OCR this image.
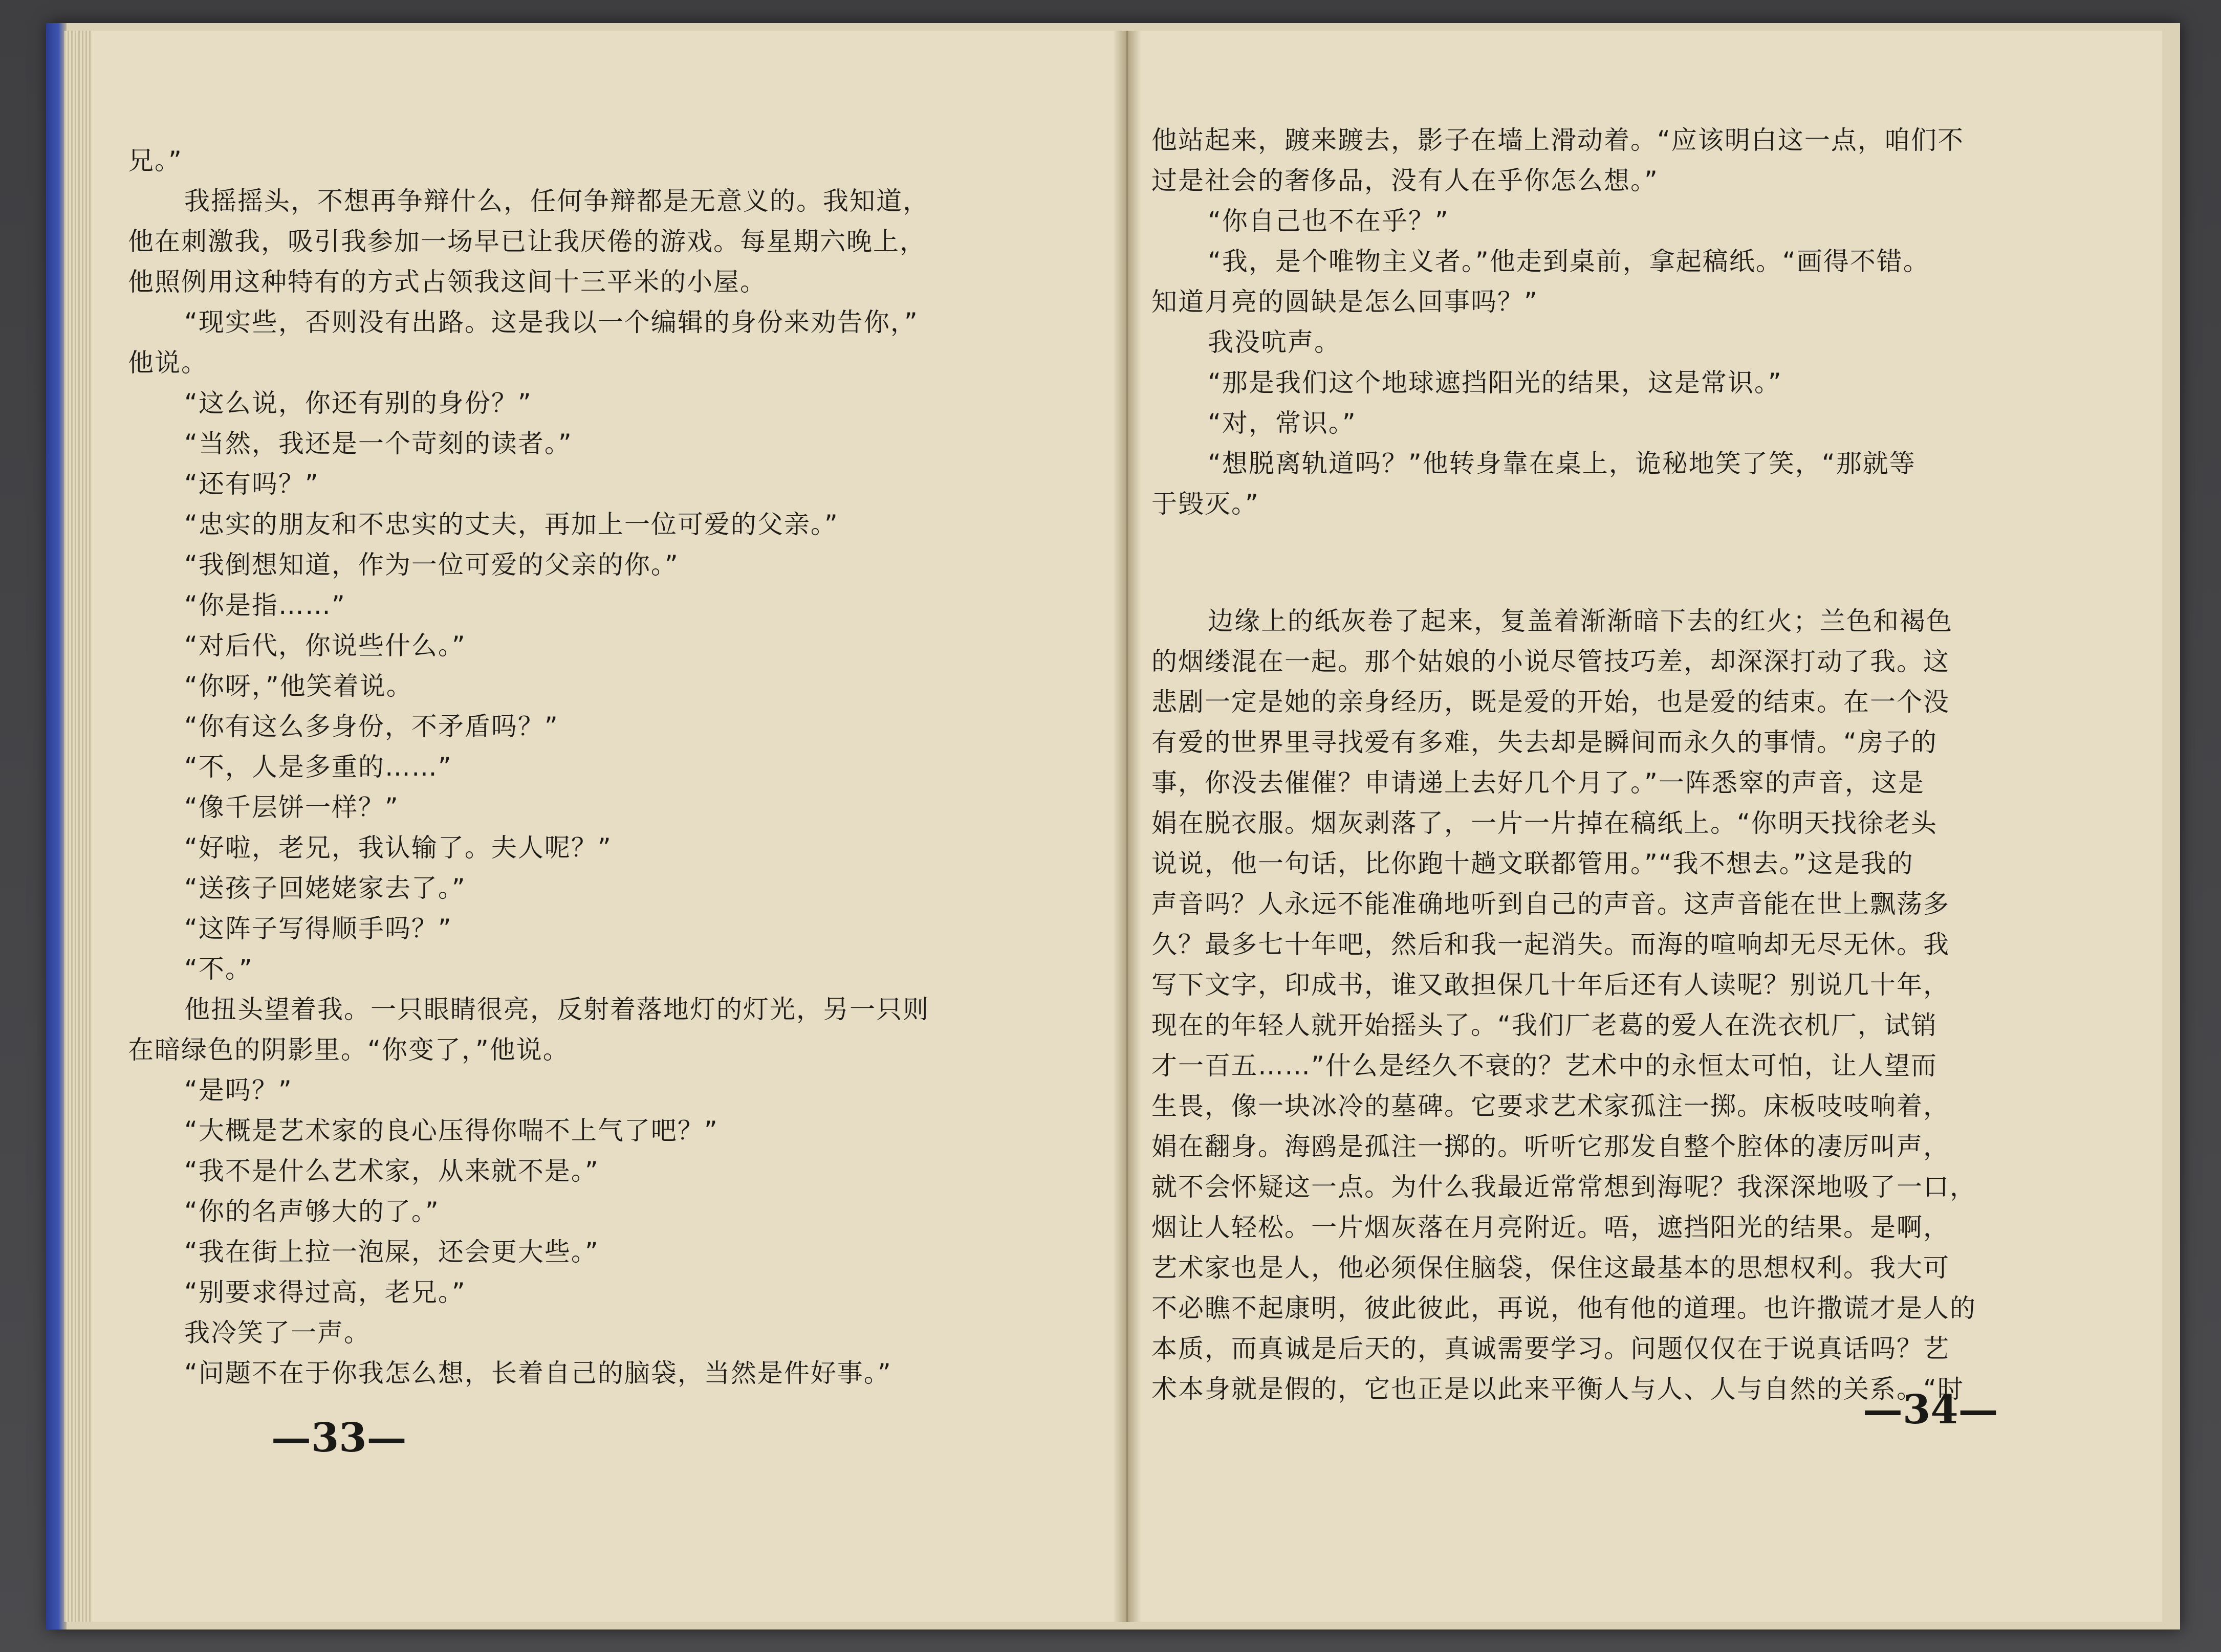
兄。”
我摇摇头，不想再争辩什么，任何争辩都是无意义的。我知道，
他在刺激我，吸引我参加一场早已让我厌倦的游戏。每星期六晚上，
他照例用这种特有的方式占领我这间十三平米的小屋。
“现实些，否则没有出路。这是我以一个编辑的身份来劝告你，”
他说。
“这么说，你还有别的身份？”
“当然，我还是一个苛刻的读者。”
“还有吗？”
“忠实的朋友和不忠实的丈夫，再加上一位可爱的父亲。”
“我倒想知道，作为一位可爱的父亲的你。”
“你是指……”
“对后代，你说些什么。”
“你呀，”他笑着说。
“你有这么多身份，不矛盾吗？”
“不，人是多重的……”
“像千层饼一样？”
“好啦，老兄，我认输了。夫人呢？”
“送孩子回姥姥家去了。”
“这阵子写得顺手吗？”
“不。”
他扭头望着我。一只眼睛很亮，反射着落地灯的灯光，另一只则
在暗绿色的阴影里。“你变了，”他说。
“是吗？”
“大概是艺术家的良心压得你喘不上气了吧？”
“我不是什么艺术家，从来就不是。”
“你的名声够大的了。”
“我在街上拉一泡屎，还会更大些。”
“别要求得过高，老兄。”
我冷笑了一声。
“问题不在于你我怎么想，长着自己的脑袋，当然是件好事。”
他站起来，踱来踱去，影子在墙上滑动着。“应该明白这一点，咱们不
过是社会的奢侈品，没有人在乎你怎么想。”
“你自己也不在乎？”
“我，是个唯物主义者。”他走到桌前，拿起稿纸。“画得不错。
知道月亮的圆缺是怎么回事吗？”
我没吭声。
“那是我们这个地球遮挡阳光的结果，这是常识。”
“对，常识。”
“想脱离轨道吗？”他转身靠在桌上，诡秘地笑了笑，“那就等
于毁灭。”
边缘上的纸灰卷了起来，复盖着渐渐暗下去的红火；兰色和褐色
的烟缕混在一起。那个姑娘的小说尽管技巧差，却深深打动了我。这
悲剧一定是她的亲身经历，既是爱的开始，也是爱的结束。在一个没
有爱的世界里寻找爱有多难，失去却是瞬间而永久的事情。“房子的
事，你没去催催？申请递上去好几个月了。”一阵悉窣的声音，这是
娟在脱衣服。烟灰剥落了，一片一片掉在稿纸上。“你明天找徐老头
说说，他一句话，比你跑十趟文联都管用。”“我不想去。”这是我的
声音吗？人永远不能准确地听到自己的声音。这声音能在世上飘荡多
久？最多七十年吧，然后和我一起消失。而海的喧响却无尽无休。我
写下文字，印成书，谁又敢担保几十年后还有人读呢？别说几十年，
现在的年轻人就开始摇头了。“我们厂老葛的爱人在洗衣机厂，试销
才一百五……”什么是经久不衰的？艺术中的永恒太可怕，让人望而
生畏，像一块冰冷的墓碑。它要求艺术家孤注一掷。床板吱吱响着，
娟在翻身。海鸥是孤注一掷的。听听它那发自整个腔体的凄厉叫声，
就不会怀疑这一点。为什么我最近常常想到海呢？我深深地吸了一口，
烟让人轻松。一片烟灰落在月亮附近。唔，遮挡阳光的结果。是啊，
艺术家也是人，他必须保住脑袋，保住这最基本的思想权利。我大可
不必瞧不起康明，彼此彼此，再说，他有他的道理。也许撒谎才是人的
本质，而真诚是后天的，真诚需要学习。问题仅仅在于说真话吗？艺
术本身就是假的，它也正是以此来平衡人与人、人与自然的关系。“时
—33—
—34—
